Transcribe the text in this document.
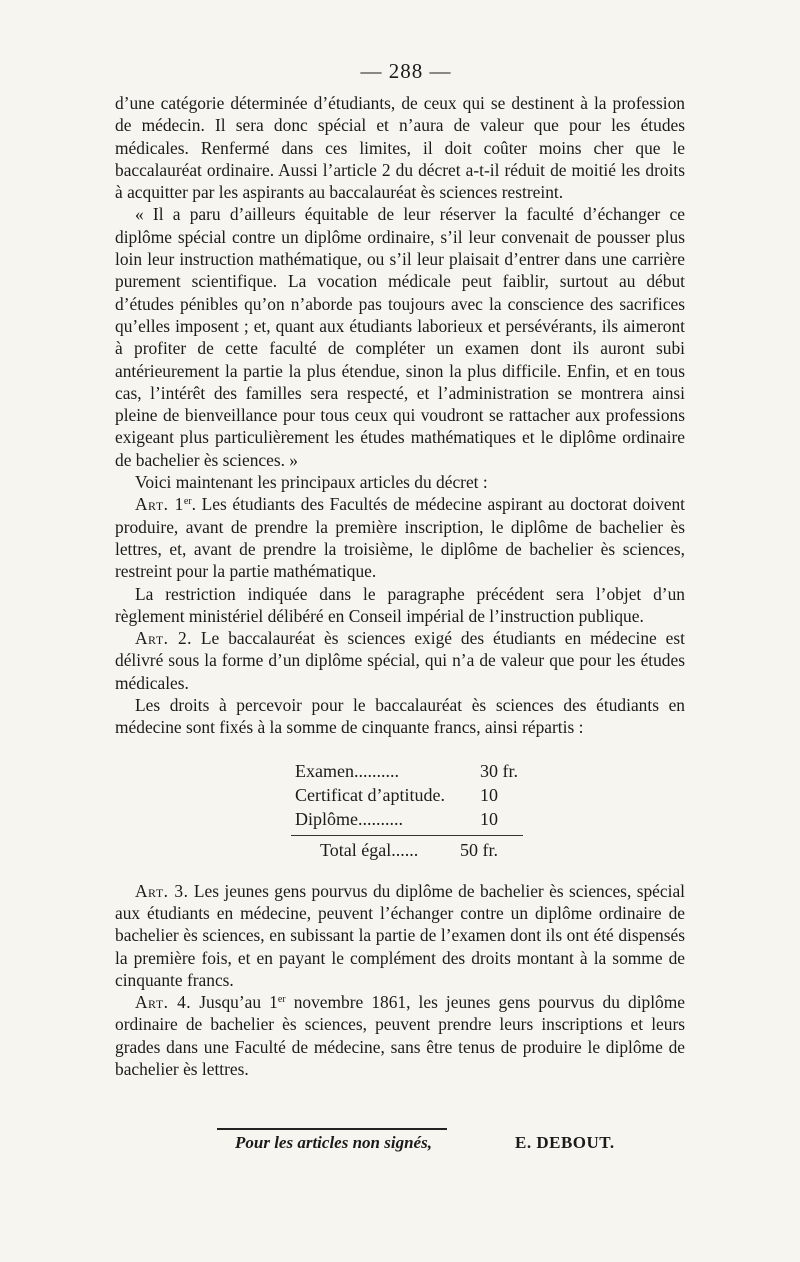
— 288 —

d’une catégorie déterminée d’étudiants, de ceux qui se destinent à la profession de médecin. Il sera donc spécial et n’aura de valeur que pour les études médicales. Renfermé dans ces limites, il doit coûter moins cher que le baccalauréat ordinaire. Aussi l’article 2 du décret a-t-il réduit de moitié les droits à acquitter par les aspirants au baccalauréat ès sciences restreint.

« Il a paru d’ailleurs équitable de leur réserver la faculté d’échanger ce diplôme spécial contre un diplôme ordinaire, s’il leur convenait de pousser plus loin leur instruction mathématique, ou s’il leur plaisait d’entrer dans une carrière purement scientifique. La vocation médicale peut faiblir, surtout au début d’études pénibles qu’on n’aborde pas toujours avec la conscience des sacrifices qu’elles imposent ; et, quant aux étudiants laborieux et persévérants, ils aimeront à profiter de cette faculté de compléter un examen dont ils auront subi antérieurement la partie la plus étendue, sinon la plus difficile. Enfin, et en tous cas, l’intérêt des familles sera respecté, et l’administration se montrera ainsi pleine de bienveillance pour tous ceux qui voudront se rattacher aux professions exigeant plus particulièrement les études mathématiques et le diplôme ordinaire de bachelier ès sciences. »

Voici maintenant les principaux articles du décret :

Art. 1er. Les étudiants des Facultés de médecine aspirant au doctorat doivent produire, avant de prendre la première inscription, le diplôme de bachelier ès lettres, et, avant de prendre la troisième, le diplôme de bachelier ès sciences, restreint pour la partie mathématique.

La restriction indiquée dans le paragraphe précédent sera l’objet d’un règlement ministériel délibéré en Conseil impérial de l’instruction publique.

Art. 2. Le baccalauréat ès sciences exigé des étudiants en médecine est délivré sous la forme d’un diplôme spécial, qui n’a de valeur que pour les études médicales.

Les droits à percevoir pour le baccalauréat ès sciences des étudiants en médecine sont fixés à la somme de cinquante francs, ainsi répartis :

Examen..........	30 fr.
Certificat d’aptitude.	10
Diplôme..........	10
Total égal......	50 fr.

Art. 3. Les jeunes gens pourvus du diplôme de bachelier ès sciences, spécial aux étudiants en médecine, peuvent l’échanger contre un diplôme ordinaire de bachelier ès sciences, en subissant la partie de l’examen dont ils ont été dispensés la première fois, et en payant le complément des droits montant à la somme de cinquante francs.

Art. 4. Jusqu’au 1er novembre 1861, les jeunes gens pourvus du diplôme ordinaire de bachelier ès sciences, peuvent prendre leurs inscriptions et leurs grades dans une Faculté de médecine, sans être tenus de produire le diplôme de bachelier ès lettres.

Pour les articles non signés,	E. DEBOUT.
